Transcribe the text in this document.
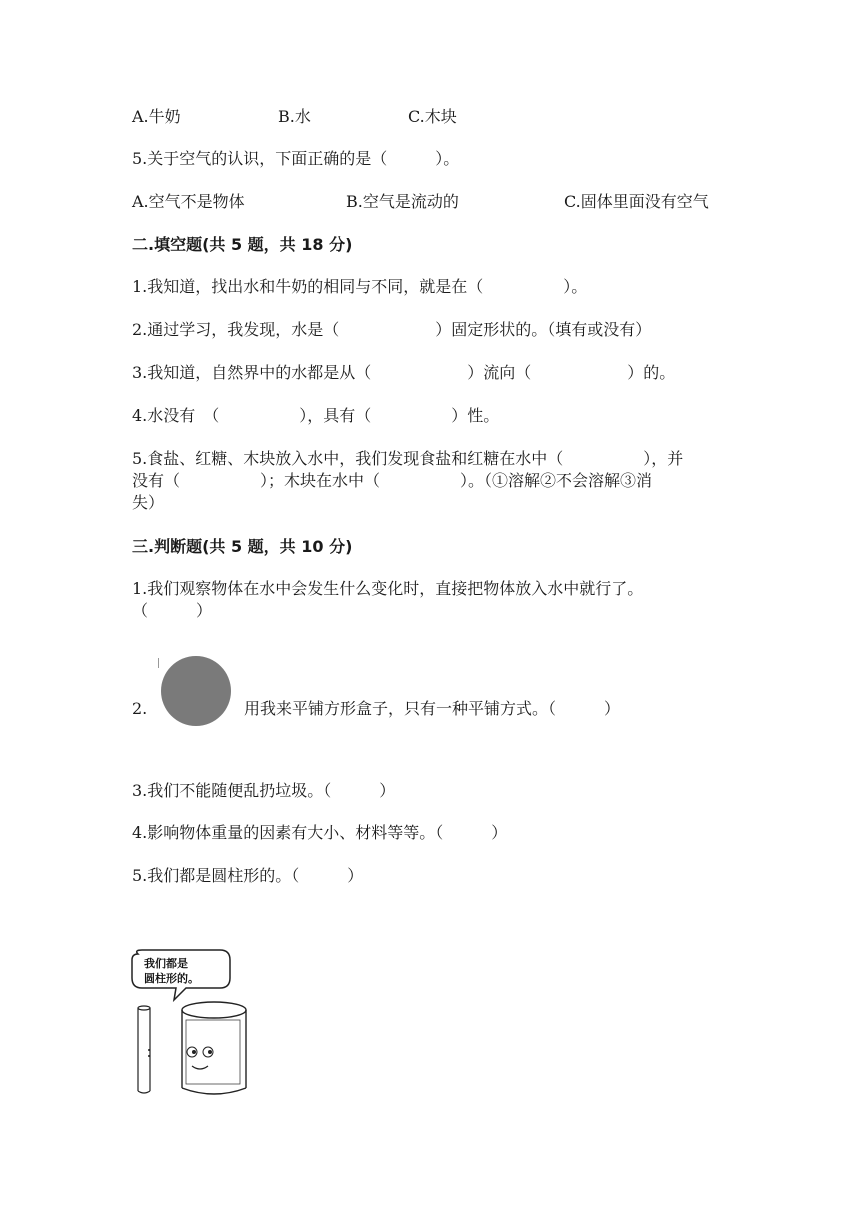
A.牛奶	B.水	C.木块
5.关于空气的认识，下面正确的是（　　　）。
A.空气不是物体	B.空气是流动的	C.固体里面没有空气
二.填空题(共 5 题，共 18 分)
1.我知道，找出水和牛奶的相同与不同，就是在（　　　　　）。
2.通过学习，我发现，水是（　　　　　　）固定形状的。（填有或没有）
3.我知道，自然界中的水都是从（　　　　　　）流向（　　　　　　）的。
4.水没有　（　　　　　），具有（　　　　　）性。
5.食盐、红糖、木块放入水中，我们发现食盐和红糖在水中（　　　　　），并
没有（　　　　　）；木块在水中（　　　　　）。（①溶解②不会溶解③消
失）
三.判断题(共 5 题，共 10 分)
1.我们观察物体在水中会发生什么变化时，直接把物体放入水中就行了。
（　　　）
2.	用我来平铺方形盒子，只有一种平铺方式。（　　　）
3.我们不能随便乱扔垃圾。（　　　）
4.影响物体重量的因素有大小、材料等等。（　　　）
5.我们都是圆柱形的。（　　　）
我们都是
圆柱形的。
